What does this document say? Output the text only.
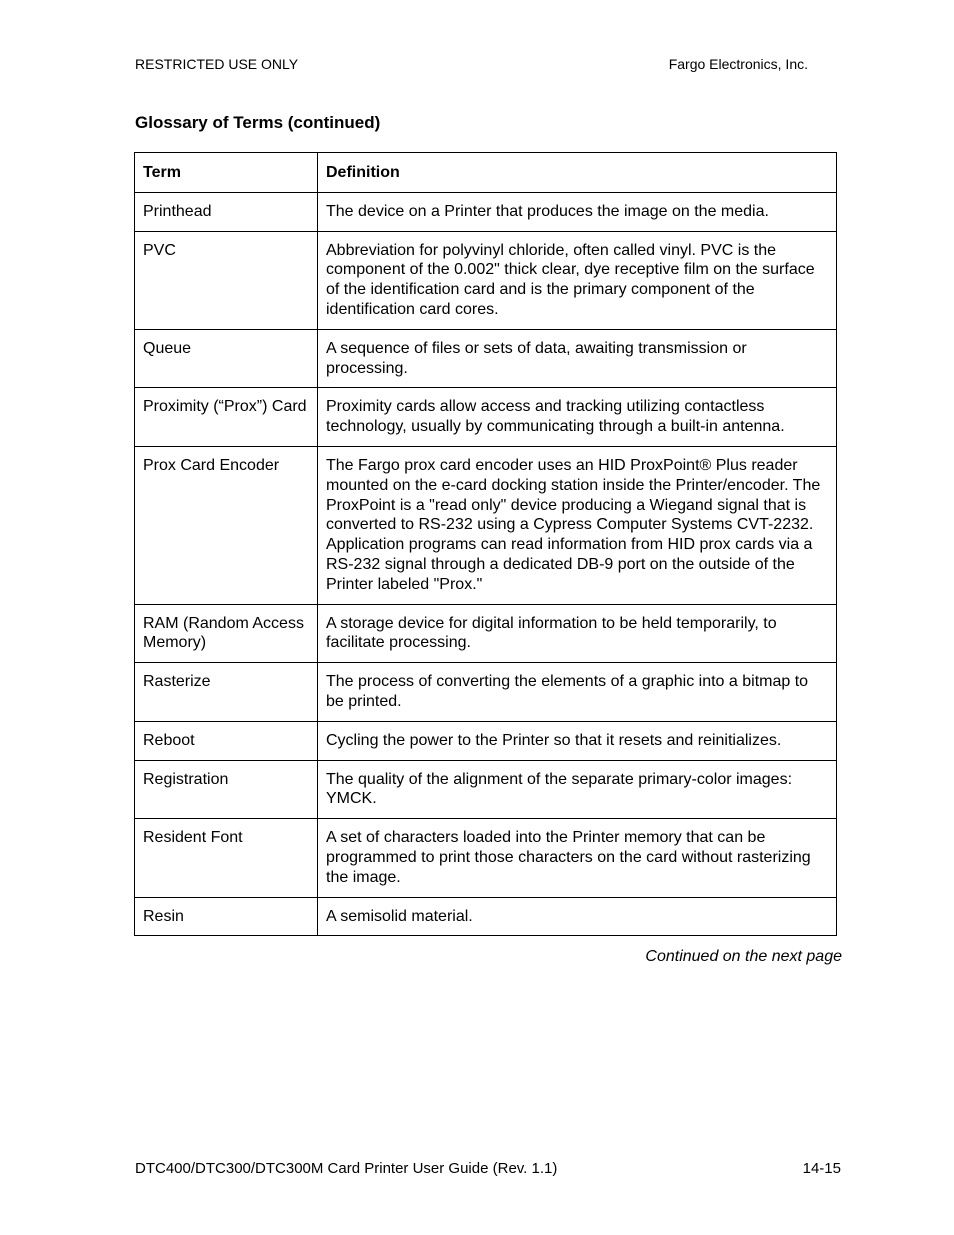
RESTRICTED USE ONLY	Fargo Electronics, Inc.
Glossary of Terms (continued)
Term	Definition
Printhead	The device on a Printer that produces the image on the media.
PVC	Abbreviation for polyvinyl chloride, often called vinyl. PVC is the component of the 0.002" thick clear, dye receptive film on the surface of the identification card and is the primary component of the identification card cores.
Queue	A sequence of files or sets of data, awaiting transmission or processing.
Proximity (“Prox”) Card	Proximity cards allow access and tracking utilizing contactless technology, usually by communicating through a built-in antenna.
Prox Card Encoder	The Fargo prox card encoder uses an HID ProxPoint® Plus reader mounted on the e-card docking station inside the Printer/encoder. The ProxPoint is a "read only" device producing a Wiegand signal that is converted to RS-232 using a Cypress Computer Systems CVT-2232. Application programs can read information from HID prox cards via a RS-232 signal through a dedicated DB-9 port on the outside of the Printer labeled "Prox."
RAM (Random Access Memory)	A storage device for digital information to be held temporarily, to facilitate processing.
Rasterize	The process of converting the elements of a graphic into a bitmap to be printed.
Reboot	Cycling the power to the Printer so that it resets and reinitializes.
Registration	The quality of the alignment of the separate primary-color images: YMCK.
Resident Font	A set of characters loaded into the Printer memory that can be programmed to print those characters on the card without rasterizing the image.
Resin	A semisolid material.
Continued on the next page
DTC400/DTC300/DTC300M Card Printer User Guide (Rev. 1.1)	14-15
